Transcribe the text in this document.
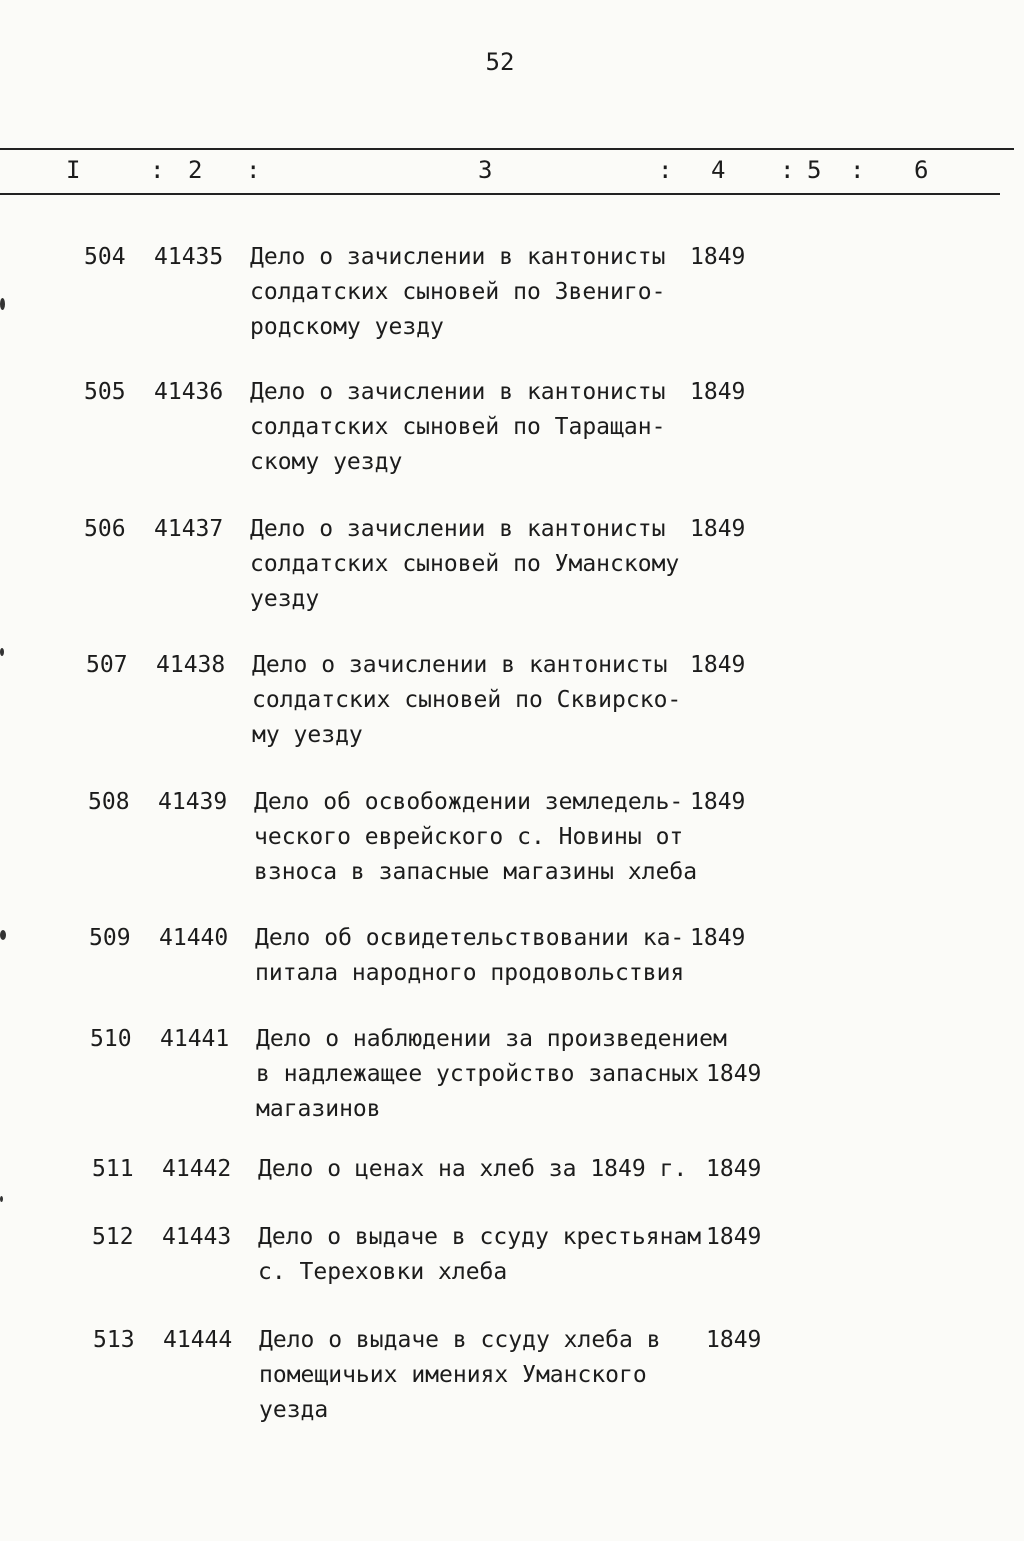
52
I	: 2 :	3	: 4 : 5 : 6
504 41435 Дело о зачислении в кантонисты
солдатских сыновей по Звениго-
родскому уезду
1849
505 41436 Дело о зачислении в кантонисты
солдатских сыновей по Таращан-
скому уезду
1849
506 41437 Дело о зачислении в кантонисты
солдатских сыновей по Уманскому
уезду
1849
507 41438 Дело о зачислении в кантонисты
солдатских сыновей по Сквирско-
му уезду
1849
508 41439 Дело об освобождении земледель-
ческого еврейского с. Новины от
взноса в запасные магазины хлеба
1849
509 41440 Дело об освидетельствовании ка-
питала народного продовольствия
1849
510 41441 Дело о наблюдении за произведением
в надлежащее устройство запасных
магазинов
1849
511 41442 Дело о ценах на хлеб за 1849 г. 1849
512 41443 Дело о выдаче в ссуду крестьянам
с. Тереховки хлеба
1849
513 41444 Дело о выдаче в ссуду хлеба в
помещичьих имениях Уманского
уезда
1849
